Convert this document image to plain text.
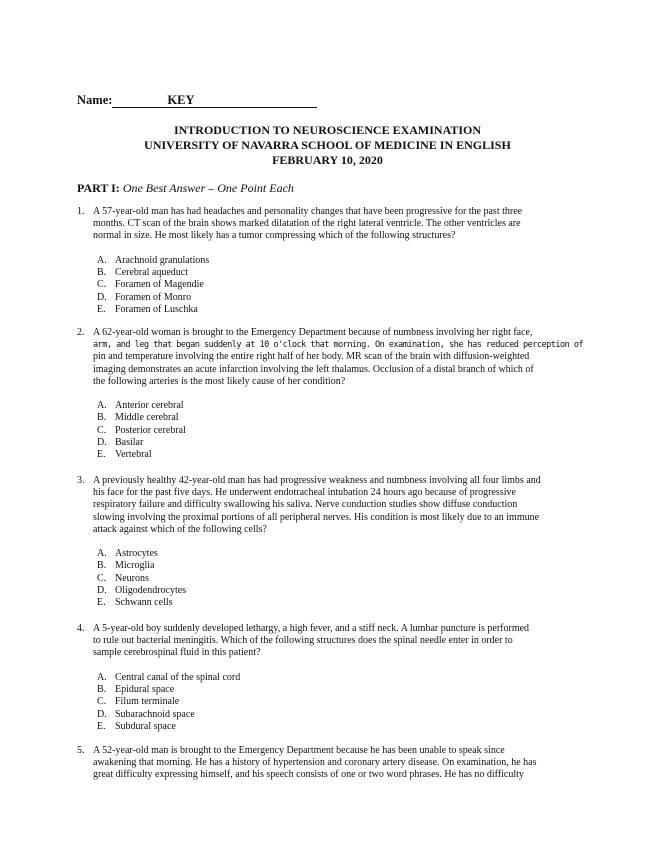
Name:	KEY
INTRODUCTION TO NEUROSCIENCE EXAMINATION
UNIVERSITY OF NAVARRA SCHOOL OF MEDICINE IN ENGLISH
FEBRUARY 10, 2020
PART I: One Best Answer – One Point Each
1. A 57-year-old man has had headaches and personality changes that have been progressive for the past three
months. CT scan of the brain shows marked dilatation of the right lateral ventricle. The other ventricles are
normal in size. He most likely has a tumor compressing which of the following structures?
A. Arachnoid granulations
B. Cerebral aqueduct
C. Foramen of Magendie
D. Foramen of Monro
E. Foramen of Luschka
2. A 62-year-old woman is brought to the Emergency Department because of numbness involving her right face,
arm, and leg that began suddenly at 10 o'clock that morning. On examination, she has reduced perception of
pin and temperature involving the entire right half of her body. MR scan of the brain with diffusion-weighted
imaging demonstrates an acute infarction involving the left thalamus. Occlusion of a distal branch of which of
the following arteries is the most likely cause of her condition?
A. Anterior cerebral
B. Middle cerebral
C. Posterior cerebral
D. Basilar
E. Vertebral
3. A previously healthy 42-year-old man has had progressive weakness and numbness involving all four limbs and
his face for the past five days. He underwent endotracheal intubation 24 hours ago because of progressive
respiratory failure and difficulty swallowing his saliva. Nerve conduction studies show diffuse conduction
slowing involving the proximal portions of all peripheral nerves. His condition is most likely due to an immune
attack against which of the following cells?
A. Astrocytes
B. Microglia
C. Neurons
D. Oligodendrocytes
E. Schwann cells
4. A 5-year-old boy suddenly developed lethargy, a high fever, and a stiff neck. A lumbar puncture is performed
to rule out bacterial meningitis. Which of the following structures does the spinal needle enter in order to
sample cerebrospinal fluid in this patient?
A. Central canal of the spinal cord
B. Epidural space
C. Filum terminale
D. Subarachnoid space
E. Subdural space
5. A 52-year-old man is brought to the Emergency Department because he has been unable to speak since
awakening that morning. He has a history of hypertension and coronary artery disease. On examination, he has
great difficulty expressing himself, and his speech consists of one or two word phrases. He has no difficulty
